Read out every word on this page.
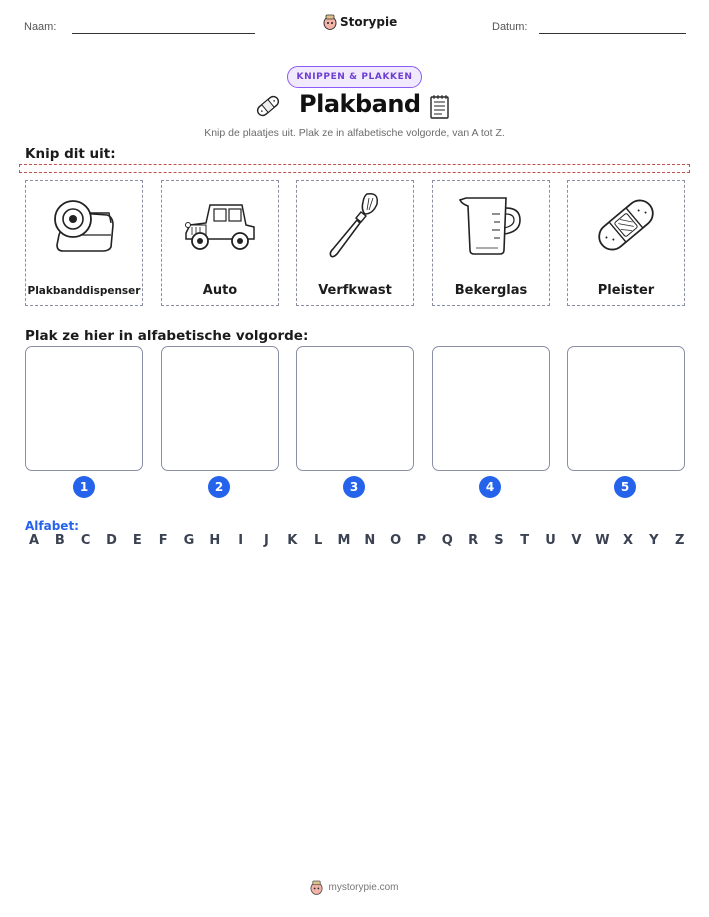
Naam:	Storypie	Datum:
KNIPPEN & PLAKKEN
Plakband
Knip de plaatjes uit. Plak ze in alfabetische volgorde, van A tot Z.
Knip dit uit:
Plakbanddispenser	Auto	Verfkwast	Bekerglas	Pleister
Plak ze hier in alfabetische volgorde:
1	2	3	4	5
Alfabet:
A B C D E F G H	I	J	K L M N O P Q R S T U V W X Y Z
mystorypie.com
